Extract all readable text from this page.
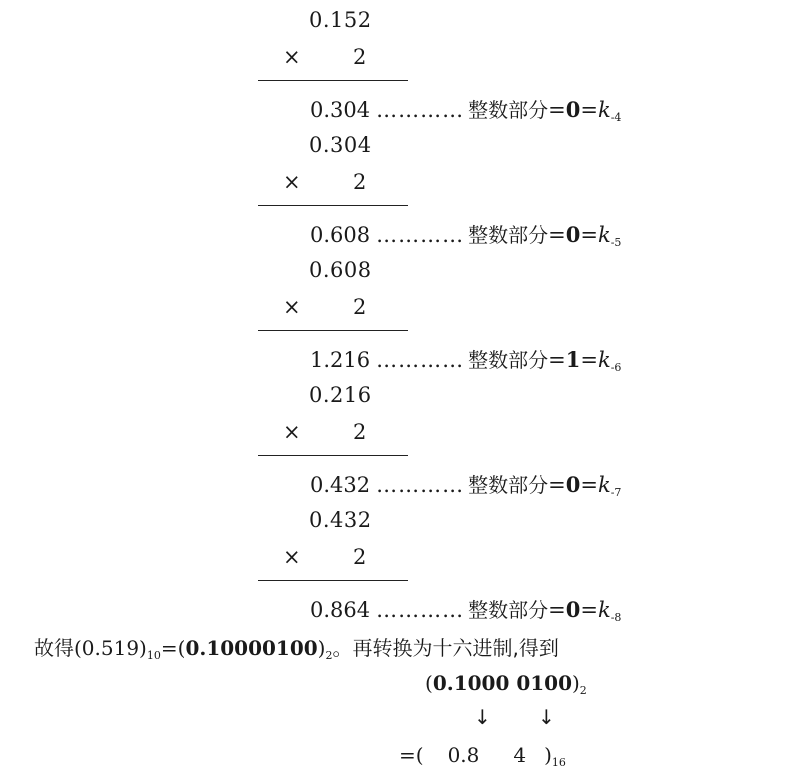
0.152
× 2
0.304 ………… 整数部分$=0=k_{-4}$
0.304
× 2
0.608 ………… 整数部分$=0=k_{-5}$
0.608
× 2
1.216 ………… 整数部分$=1=k_{-6}$
0.216
× 2
0.432 ………… 整数部分$=0=k_{-7}$
0.432
× 2
0.864 ………… 整数部分$=0=k_{-8}$
故得$(0.519)_{10}=(0.10000100)_2$。再转换为十六进制,得到
(0.1000 $0100)_2$
↓ ↓
=( 0.8 4 )$_{16}$
